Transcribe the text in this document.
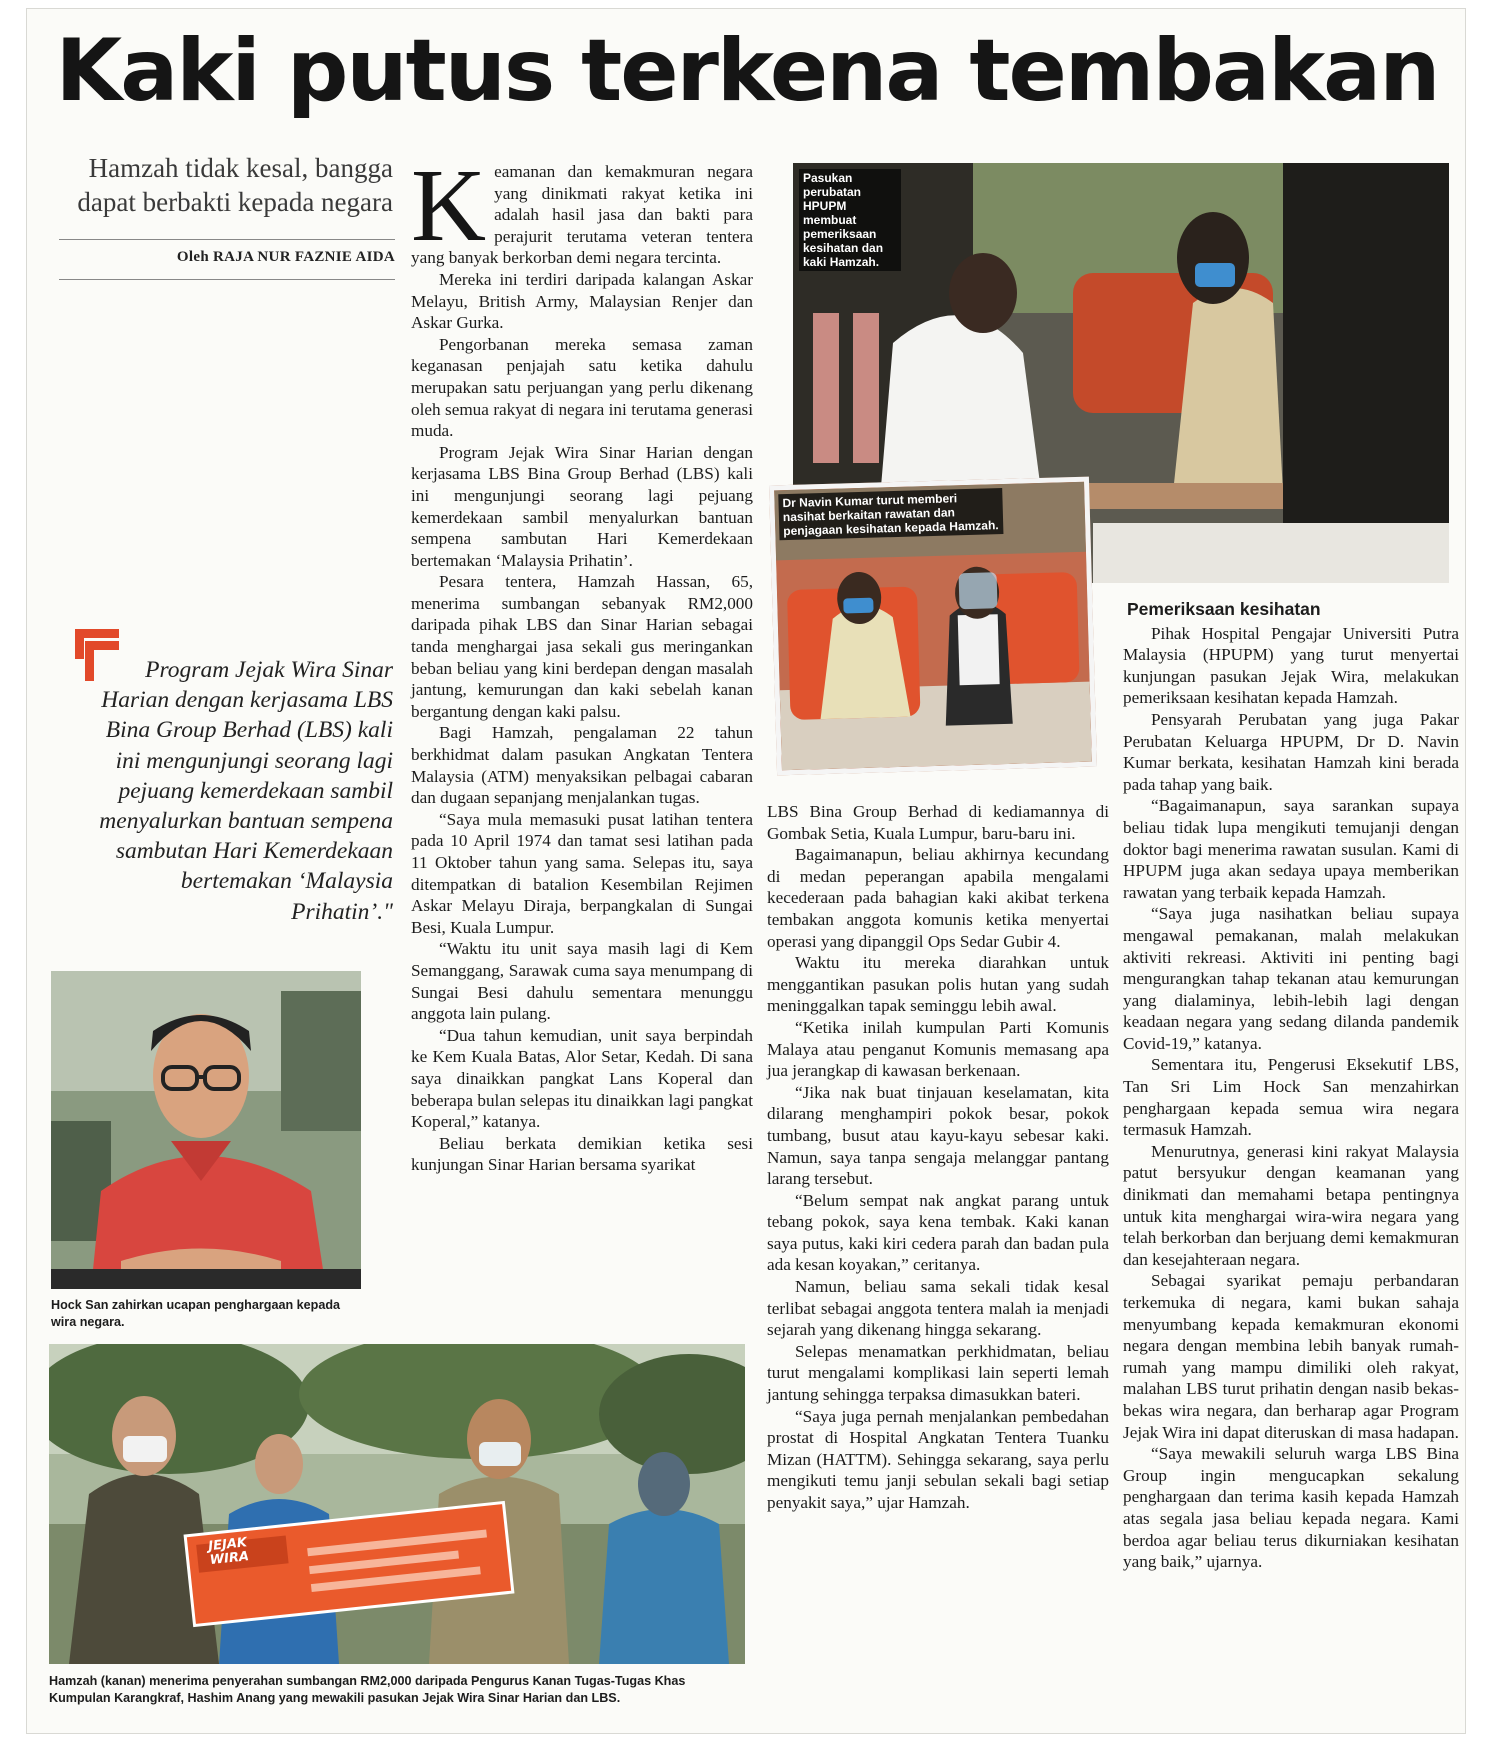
Kaki putus terkena tembakan
Hamzah tidak kesal, bangga dapat berbakti kepada negara
Oleh RAJA NUR FAZNIE AIDA
Program Jejak Wira Sinar Harian dengan kerjasama LBS Bina Group Berhad (LBS) kali ini mengunjungi seorang lagi pejuang kemerdekaan sambil menyalurkan bantuan sempena sambutan Hari Kemerdekaan bertemakan ‘Malaysia Prihatin’."
Hock San zahirkan ucapan penghargaan kepada wira negara.
JEJAK WIRA
Hamzah (kanan) menerima penyerahan sumbangan RM2,000 daripada Pengurus Kanan Tugas-Tugas Khas Kumpulan Karangkraf, Hashim Anang yang mewakili pasukan Jejak Wira Sinar Harian dan LBS.
Pasukan perubatan HPUPM membuat pemeriksaan kesihatan dan kaki Hamzah.
Dr Navin Kumar turut memberi nasihat berkaitan rawatan dan penjagaan kesihatan kepada Hamzah.

Keamanan dan kemakmuran negara yang dinikmati rakyat ketika ini adalah hasil jasa dan bakti para perajurit terutama veteran tentera yang banyak berkorban demi negara tercinta.

Mereka ini terdiri daripada kalangan Askar Melayu, British Army, Malaysian Renjer dan Askar Gurka.

Pengorbanan mereka semasa zaman keganasan penjajah satu ketika dahulu merupakan satu perjuangan yang perlu dikenang oleh semua rakyat di negara ini terutama generasi muda.

Program Jejak Wira Sinar Harian dengan kerjasama LBS Bina Group Berhad (LBS) kali ini mengunjungi seorang lagi pejuang kemerdekaan sambil menyalurkan bantuan sempena sambutan Hari Kemerdekaan bertemakan ‘Malaysia Prihatin’.

Pesara tentera, Hamzah Hassan, 65, menerima sumbangan sebanyak RM2,000 daripada pihak LBS dan Sinar Harian sebagai tanda menghargai jasa sekali gus meringankan beban beliau yang kini berdepan dengan masalah jantung, kemurungan dan kaki sebelah kanan bergantung dengan kaki palsu.

Bagi Hamzah, pengalaman 22 tahun berkhidmat dalam pasukan Angkatan Tentera Malaysia (ATM) menyaksikan pelbagai cabaran dan dugaan sepanjang menjalankan tugas.

“Saya mula memasuki pusat latihan tentera pada 10 April 1974 dan tamat sesi latihan pada 11 Oktober tahun yang sama. Selepas itu, saya ditempatkan di batalion Kesembilan Rejimen Askar Melayu Diraja, berpangkalan di Sungai Besi, Kuala Lumpur.

“Waktu itu unit saya masih lagi di Kem Semanggang, Sarawak cuma saya menumpang di Sungai Besi dahulu sementara menunggu anggota lain pulang.

“Dua tahun kemudian, unit saya berpindah ke Kem Kuala Batas, Alor Setar, Kedah. Di sana saya dinaikkan pangkat Lans Koperal dan beberapa bulan selepas itu dinaikkan lagi pangkat Koperal,” katanya.

Beliau berkata demikian ketika sesi kunjungan Sinar Harian bersama syarikat

LBS Bina Group Berhad di kediamannya di Gombak Setia, Kuala Lumpur, baru-baru ini.

Bagaimanapun, beliau akhirnya kecundang di medan peperangan apabila mengalami kecederaan pada bahagian kaki akibat terkena tembakan anggota komunis ketika menyertai operasi yang dipanggil Ops Sedar Gubir 4.

Waktu itu mereka diarahkan untuk menggantikan pasukan polis hutan yang sudah meninggalkan tapak seminggu lebih awal.

“Ketika inilah kumpulan Parti Komunis Malaya atau penganut Komunis memasang apa jua jerangkap di kawasan berkenaan.

“Jika nak buat tinjauan keselamatan, kita dilarang menghampiri pokok besar, pokok tumbang, busut atau kayu-kayu sebesar kaki. Namun, saya tanpa sengaja melanggar pantang larang tersebut.

“Belum sempat nak angkat parang untuk tebang pokok, saya kena tembak. Kaki kanan saya putus, kaki kiri cedera parah dan badan pula ada kesan koyakan,” ceritanya.

Namun, beliau sama sekali tidak kesal terlibat sebagai anggota tentera malah ia menjadi sejarah yang dikenang hingga sekarang.

Selepas menamatkan perkhidmatan, beliau turut mengalami komplikasi lain seperti lemah jantung sehingga terpaksa dimasukkan bateri.

“Saya juga pernah menjalankan pembedahan prostat di Hospital Angkatan Tentera Tuanku Mizan (HATTM). Sehingga sekarang, saya perlu mengikuti temu janji sebulan sekali bagi setiap penyakit saya,” ujar Hamzah.

Pemeriksaan kesihatan

Pihak Hospital Pengajar Universiti Putra Malaysia (HPUPM) yang turut menyertai kunjungan pasukan Jejak Wira, melakukan pemeriksaan kesihatan kepada Hamzah.

Pensyarah Perubatan yang juga Pakar Perubatan Keluarga HPUPM, Dr D. Navin Kumar berkata, kesihatan Hamzah kini berada pada tahap yang baik.

“Bagaimanapun, saya sarankan supaya beliau tidak lupa mengikuti temujanji dengan doktor bagi menerima rawatan susulan. Kami di HPUPM juga akan sedaya upaya memberikan rawatan yang terbaik kepada Hamzah.

“Saya juga nasihatkan beliau supaya mengawal pemakanan, malah melakukan aktiviti rekreasi. Aktiviti ini penting bagi mengurangkan tahap tekanan atau kemurungan yang dialaminya, lebih-lebih lagi dengan keadaan negara yang sedang dilanda pandemik Covid-19,” katanya.

Sementara itu, Pengerusi Eksekutif LBS, Tan Sri Lim Hock San menzahirkan penghargaan kepada semua wira negara termasuk Hamzah.

Menurutnya, generasi kini rakyat Malaysia patut bersyukur dengan keamanan yang dinikmati dan memahami betapa pentingnya untuk kita menghargai wira-wira negara yang telah berkorban dan berjuang demi kemakmuran dan kesejahteraan negara.

Sebagai syarikat pemaju perbandaran terkemuka di negara, kami bukan sahaja menyumbang kepada kemakmuran ekonomi negara dengan membina lebih banyak rumah-rumah yang mampu dimiliki oleh rakyat, malahan LBS turut prihatin dengan nasib bekas-bekas wira negara, dan berharap agar Program Jejak Wira ini dapat diteruskan di masa hadapan.

“Saya mewakili seluruh warga LBS Bina Group ingin mengucapkan sekalung penghargaan dan terima kasih kepada Hamzah atas segala jasa beliau kepada negara. Kami berdoa agar beliau terus dikurniakan kesihatan yang baik,” ujarnya.
